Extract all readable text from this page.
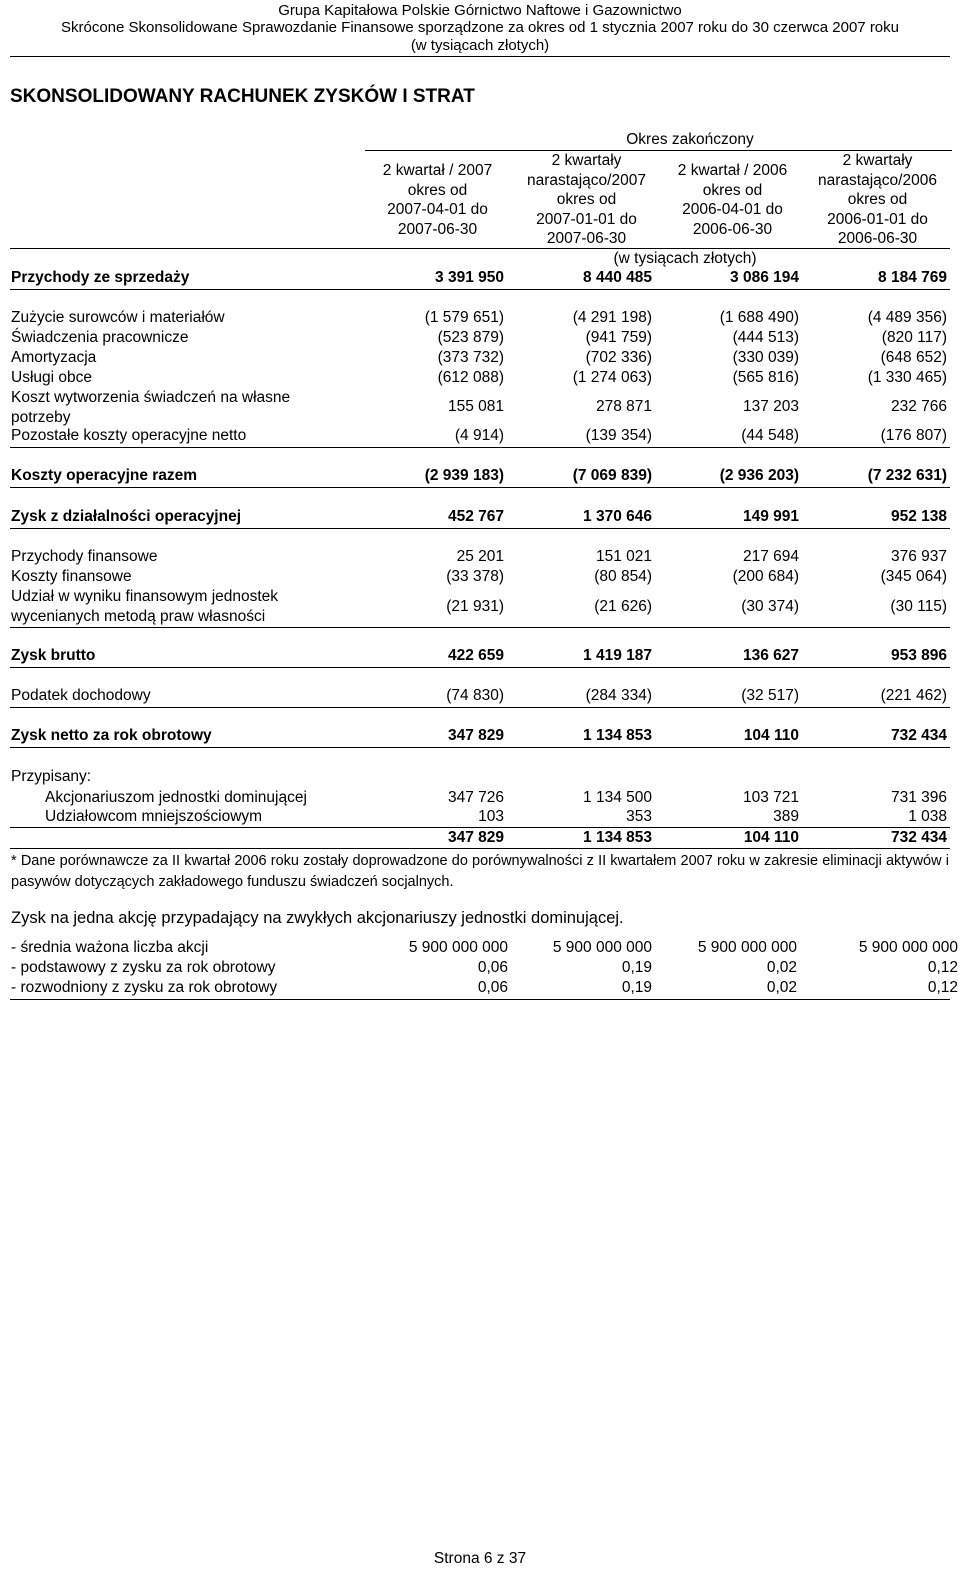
Grupa Kapitałowa Polskie Górnictwo Naftowe i Gazownictwo
Skrócone Skonsolidowane Sprawozdanie Finansowe sporządzone za okres od 1 stycznia 2007 roku do 30 czerwca 2007 roku
(w tysiącach złotych)
SKONSOLIDOWANY RACHUNEK ZYSKÓW I STRAT
Okres zakończony
2 kwartał / 2007
okres od
2007-04-01 do
2007-06-30
2 kwartały
narastająco/2007
okres od
2007-01-01 do
2007-06-30
2 kwartał / 2006
okres od
2006-04-01 do
2006-06-30
2 kwartały
narastająco/2006
okres od
2006-01-01 do
2006-06-30
(w tysiącach złotych)
Przychody ze sprzedaży	3 391 950	8 440 485	3 086 194	8 184 769
Zużycie surowców i materiałów	(1 579 651)	(4 291 198)	(1 688 490)	(4 489 356)
Świadczenia pracownicze	(523 879)	(941 759)	(444 513)	(820 117)
Amortyzacja	(373 732)	(702 336)	(330 039)	(648 652)
Usługi obce	(612 088)	(1 274 063)	(565 816)	(1 330 465)
Koszt wytworzenia świadczeń na własne
potrzeby
155 081	278 871	137 203	232 766
Pozostałe koszty operacyjne netto	(4 914)	(139 354)	(44 548)	(176 807)
Koszty operacyjne razem	(2 939 183)	(7 069 839)	(2 936 203)	(7 232 631)
Zysk z działalności operacyjnej	452 767	1 370 646	149 991	952 138
Przychody finansowe	25 201	151 021	217 694	376 937
Koszty finansowe	(33 378)	(80 854)	(200 684)	(345 064)
Udział w wyniku finansowym jednostek
wycenianych metodą praw własności
(21 931)	(21 626)	(30 374)	(30 115)
Zysk brutto	422 659	1 419 187	136 627	953 896
Podatek dochodowy	(74 830)	(284 334)	(32 517)	(221 462)
Zysk netto za rok obrotowy	347 829	1 134 853	104 110	732 434
Przypisany:
Akcjonariuszom jednostki dominującej	347 726	1 134 500	103 721	731 396
Udziałowcom mniejszościowym	103	353	389	1 038
347 829	1 134 853	104 110	732 434
* Dane porównawcze za II kwartał 2006 roku zostały doprowadzone do porównywalności z II kwartałem 2007 roku w zakresie eliminacji aktywów i pasywów dotyczących zakładowego funduszu świadczeń socjalnych.
Zysk na jedna akcję przypadający na zwykłych akcjonariuszy jednostki dominującej.
- średnia ważona liczba akcji	5 900 000 000	5 900 000 000	5 900 000 000	5 900 000 000
- podstawowy z zysku za rok obrotowy	0,06	0,19	0,02	0,12
- rozwodniony z zysku za rok obrotowy	0,06	0,19	0,02	0,12
Strona 6 z 37
